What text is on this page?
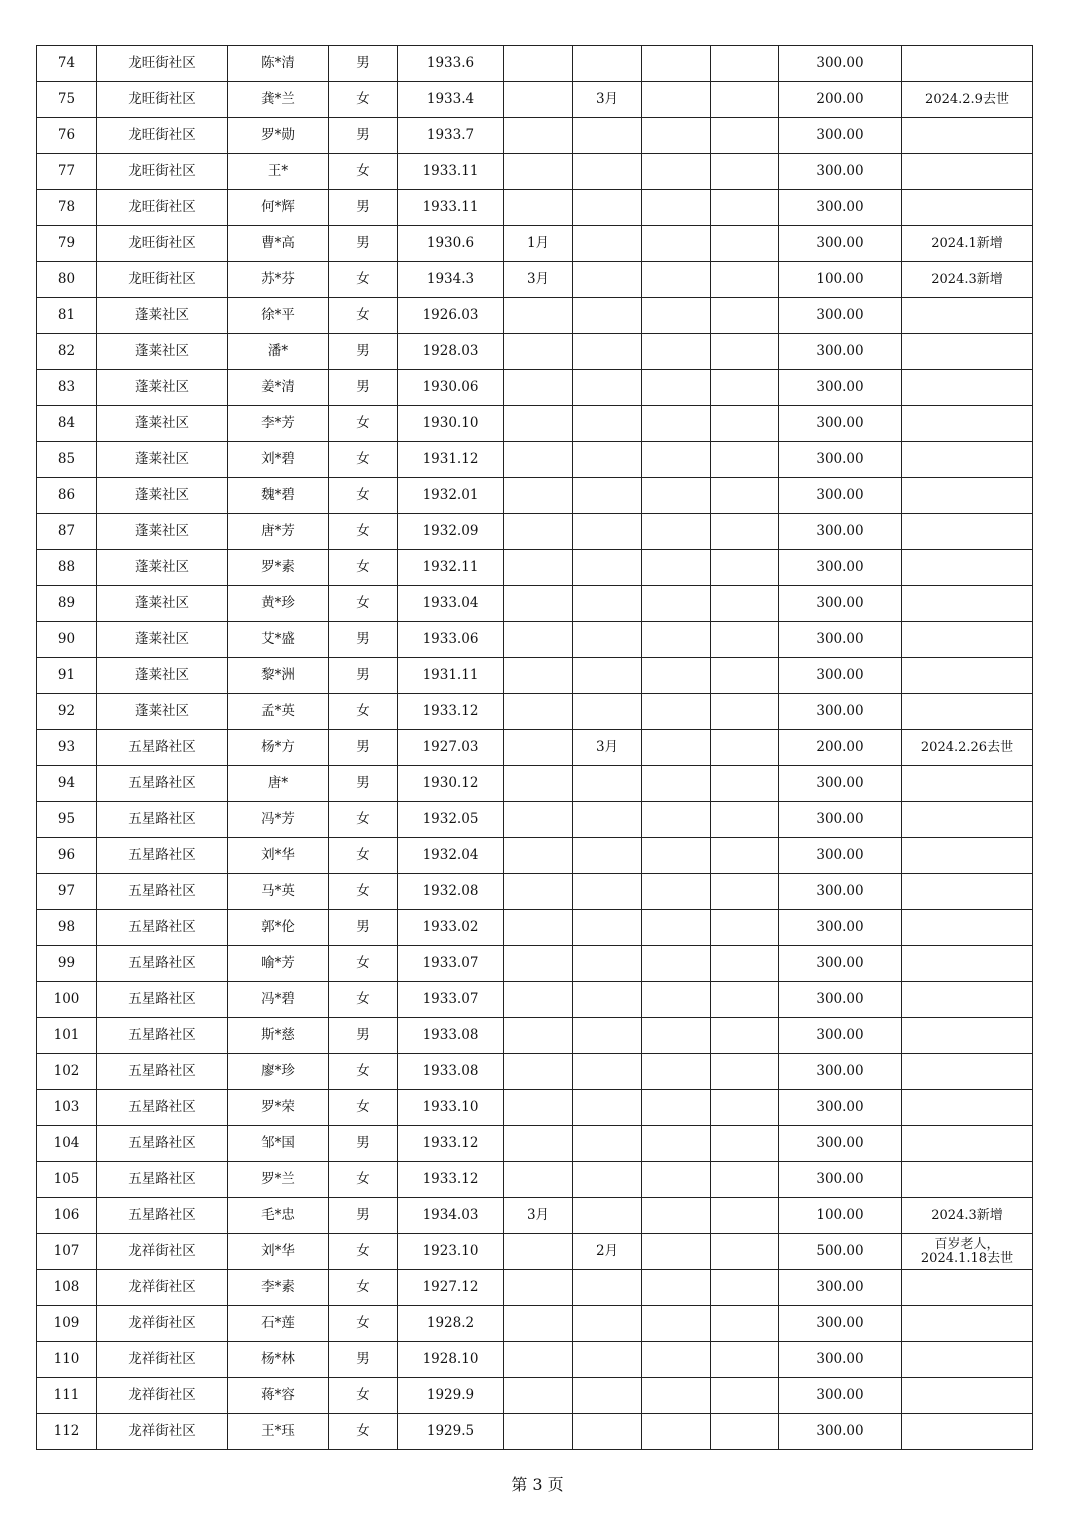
74	龙旺街社区	陈*清	男	1933.6					300.00	
75	龙旺街社区	龚*兰	女	1933.4		3月			200.00	2024.2.9去世
76	龙旺街社区	罗*勋	男	1933.7					300.00	
77	龙旺街社区	王*	女	1933.11					300.00	
78	龙旺街社区	何*辉	男	1933.11					300.00	
79	龙旺街社区	曹*高	男	1930.6	1月				300.00	2024.1新增
80	龙旺街社区	苏*芬	女	1934.3	3月				100.00	2024.3新增
81	蓬莱社区	徐*平	女	1926.03					300.00	
82	蓬莱社区	潘*	男	1928.03					300.00	
83	蓬莱社区	姜*清	男	1930.06					300.00	
84	蓬莱社区	李*芳	女	1930.10					300.00	
85	蓬莱社区	刘*碧	女	1931.12					300.00	
86	蓬莱社区	魏*碧	女	1932.01					300.00	
87	蓬莱社区	唐*芳	女	1932.09					300.00	
88	蓬莱社区	罗*素	女	1932.11					300.00	
89	蓬莱社区	黄*珍	女	1933.04					300.00	
90	蓬莱社区	艾*盛	男	1933.06					300.00	
91	蓬莱社区	黎*洲	男	1931.11					300.00	
92	蓬莱社区	孟*英	女	1933.12					300.00	
93	五星路社区	杨*方	男	1927.03		3月			200.00	2024.2.26去世
94	五星路社区	唐*	男	1930.12					300.00	
95	五星路社区	冯*芳	女	1932.05					300.00	
96	五星路社区	刘*华	女	1932.04					300.00	
97	五星路社区	马*英	女	1932.08					300.00	
98	五星路社区	郭*伦	男	1933.02					300.00	
99	五星路社区	喻*芳	女	1933.07					300.00	
100	五星路社区	冯*碧	女	1933.07					300.00	
101	五星路社区	斯*慈	男	1933.08					300.00	
102	五星路社区	廖*珍	女	1933.08					300.00	
103	五星路社区	罗*荣	女	1933.10					300.00	
104	五星路社区	邹*国	男	1933.12					300.00	
105	五星路社区	罗*兰	女	1933.12					300.00	
106	五星路社区	毛*忠	男	1934.03	3月				100.00	2024.3新增
107	龙祥街社区	刘*华	女	1923.10		2月			500.00	百岁老人，2024.1.18去世
108	龙祥街社区	李*素	女	1927.12					300.00	
109	龙祥街社区	石*莲	女	1928.2					300.00	
110	龙祥街社区	杨*林	男	1928.10					300.00	
111	龙祥街社区	蒋*容	女	1929.9					300.00	
112	龙祥街社区	王*珏	女	1929.5					300.00	
第 3 页
